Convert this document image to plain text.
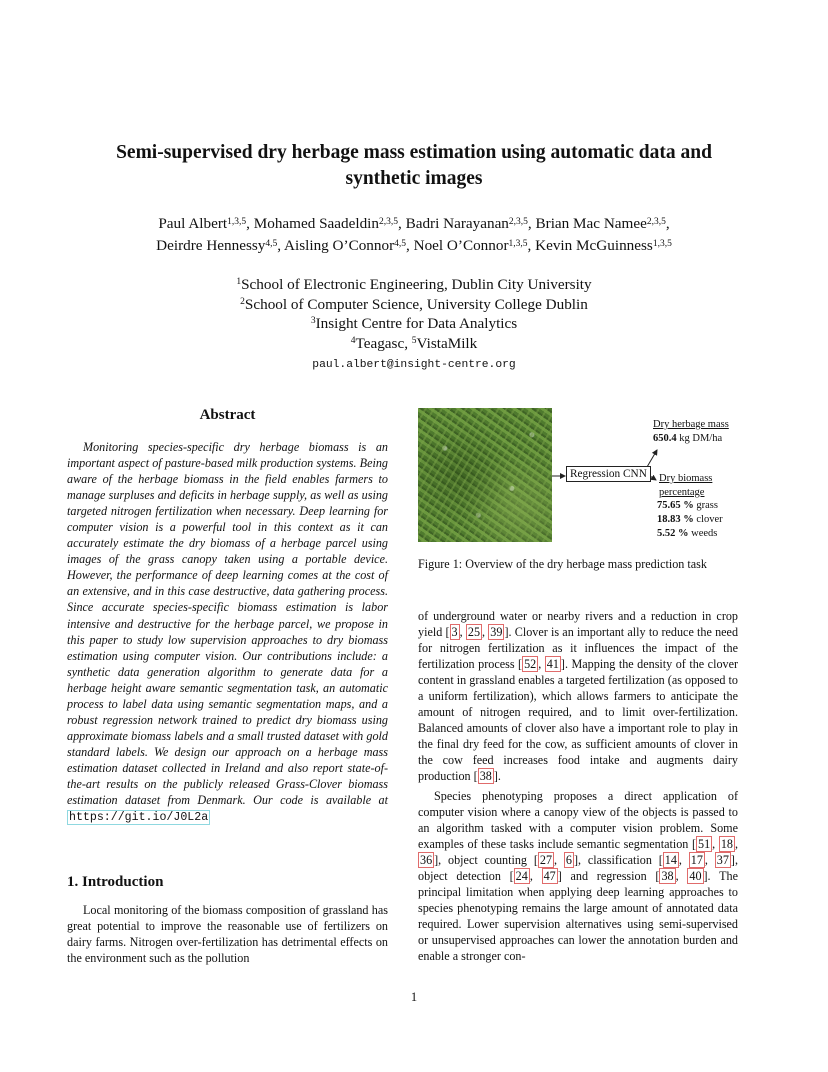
Semi-supervised dry herbage mass estimation using automatic data and
synthetic images
Paul Albert$^{1,3,5}$, Mohamed Saadeldin$^{2,3,5}$, Badri Narayanan$^{2,3,5}$, Brian Mac Namee$^{2,3,5}$,
Deirdre Hennessy$^{4,5}$, Aisling O’Connor$^{4,5}$, Noel O’Connor$^{1,3,5}$, Kevin McGuinness$^{1,3,5}$
$^1$School of Electronic Engineering, Dublin City University
$^2$School of Computer Science, University College Dublin
$^3$Insight Centre for Data Analytics
$^4$Teagasc, $^5$VistaMilk
paul.albert@insight-centre.org
Abstract
Monitoring species-specific dry herbage biomass is an important aspect of pasture-based milk production systems. Being aware of the herbage biomass in the field enables farmers to manage surpluses and deficits in herbage supply, as well as using targeted nitrogen fertilization when necessary. Deep learning for computer vision is a powerful tool in this context as it can accurately estimate the dry biomass of a herbage parcel using images of the grass canopy taken using a portable device. However, the performance of deep learning comes at the cost of an extensive, and in this case destructive, data gathering process. Since accurate species-specific biomass estimation is labor intensive and destructive for the herbage parcel, we propose in this paper to study low supervision approaches to dry biomass estimation using computer vision. Our contributions include: a synthetic data generation algorithm to generate data for a herbage height aware semantic segmentation task, an automatic process to label data using semantic segmentation maps, and a robust regression network trained to predict dry biomass using approximate biomass labels and a small trusted dataset with gold standard labels. We design our approach on a herbage mass estimation dataset collected in Ireland and also report state-of-the-art results on the publicly released Grass-Clover biomass estimation dataset from Denmark. Our code is available at https://git.io/J0L2a
1. Introduction
Local monitoring of the biomass composition of grassland has great potential to improve the reasonable use of fertilizers on dairy farms. Nitrogen over-fertilization has detrimental effects on the environment such as the pollution
Regression CNN
Dry herbage mass
650.4 kg DM/ha
Dry biomass
percentage
75.65 % grass
18.83 % clover
5.52 % weeds
Figure 1: Overview of the dry herbage mass prediction task
of underground water or nearby rivers and a reduction in crop yield [ 3 , 25 , 39 ]. Clover is an important ally to reduce the need for nitrogen fertilization as it influences the impact of the fertilization process [ 52 , 41 ]. Mapping the density of the clover content in grassland enables a targeted fertilization (as opposed to a uniform fertilization), which allows farmers to anticipate the amount of nitrogen required, and to limit over-fertilization. Balanced amounts of clover also have a important role to play in the final dry feed for the cow, as sufficient amounts of clover in the cow feed increases food intake and augments dairy production [ 38 ].
Species phenotyping proposes a direct application of computer vision where a canopy view of the objects is passed to an algorithm tasked with a computer vision problem. Some examples of these tasks include semantic segmentation [ 51 , 18 , 36 ], object counting [ 27 , 6 ], classification [ 14 , 17 , 37 ], object detection [ 24 , 47 ] and regression [ 38 , 40 ]. The principal limitation when applying deep learning approaches to species phenotyping remains the large amount of annotated data required. Lower supervision alternatives using semi-supervised or unsupervised approaches can lower the annotation burden and enable a stronger con-
1
